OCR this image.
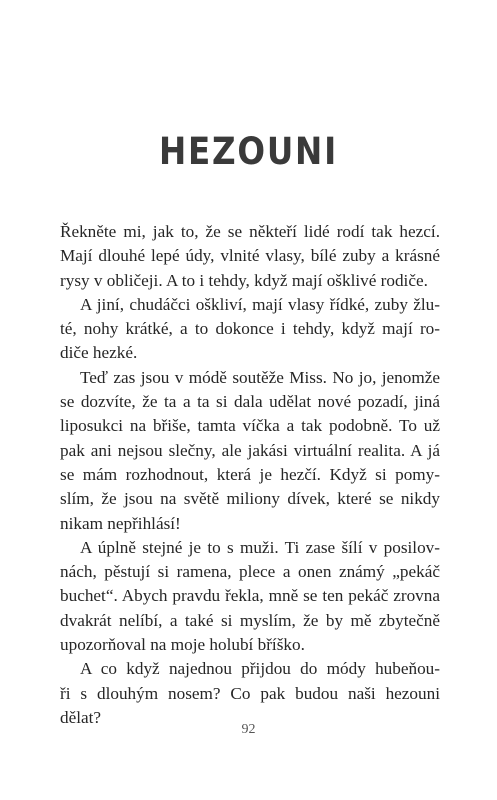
HEZOUNI
Řekněte mi, jak to, že se někteří lidé rodí tak hezcí.
Mají dlouhé lepé údy, vlnité vlasy, bílé zuby a krásné
rysy v obličeji. A to i tehdy, když mají ošklivé rodiče.
A jiní, chudáčci oškliví, mají vlasy řídké, zuby žlu-
té, nohy krátké, a to dokonce i tehdy, když mají ro-
diče hezké.
Teď zas jsou v módě soutěže Miss. No jo, jenomže
se dozvíte, že ta a ta si dala udělat nové pozadí, jiná
liposukci na břiše, tamta víčka a tak podobně. To už
pak ani nejsou slečny, ale jakási virtuální realita. A já
se mám rozhodnout, která je hezčí. Když si pomy-
slím, že jsou na světě miliony dívek, které se nikdy
nikam nepřihlásí!
A úplně stejné je to s muži. Ti zase šílí v posilov-
nách, pěstují si ramena, plece a onen známý „pekáč
buchet“. Abych pravdu řekla, mně se ten pekáč zrovna
dvakrát nelíbí, a také si myslím, že by mě zbytečně
upozorňoval na moje holubí bříško.
A co když najednou přijdou do módy hubeňou-
ři s dlouhým nosem? Co pak budou naši hezouni
dělat?
92
